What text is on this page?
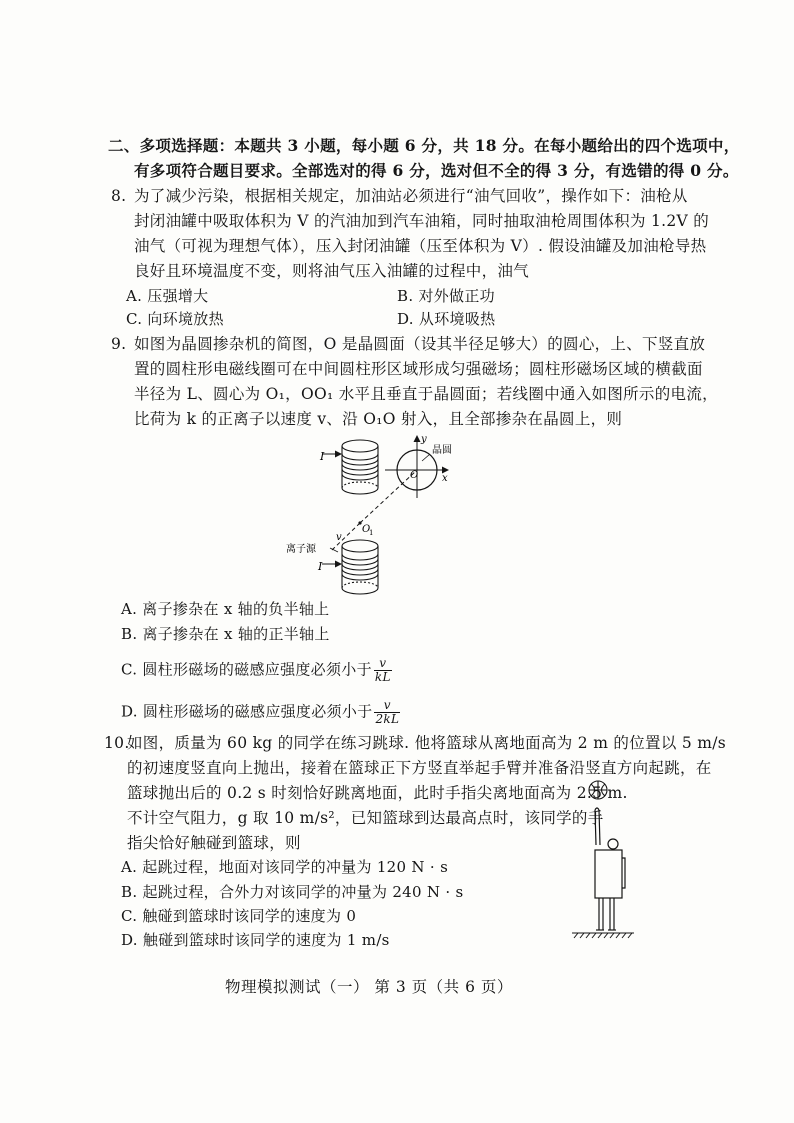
二、多项选择题：本题共 3 小题，每小题 6 分，共 18 分。在每小题给出的四个选项中，
有多项符合题目要求。全部选对的得 6 分，选对但不全的得 3 分，有选错的得 0 分。
8. 为了减少污染，根据相关规定，加油站必须进行“油气回收”，操作如下：油枪从
封闭油罐中吸取体积为 V 的汽油加到汽车油箱，同时抽取油枪周围体积为 1.2V 的
油气（可视为理想气体），压入封闭油罐（压至体积为 V）. 假设油罐及加油枪导热
良好且环境温度不变，则将油气压入油罐的过程中，油气
A. 压强增大	B. 对外做正功
C. 向环境放热	D. 从环境吸热
9. 如图为晶圆掺杂机的简图，O 是晶圆面（设其半径足够大）的圆心，上、下竖直放
置的圆柱形电磁线圈可在中间圆柱形区域形成匀强磁场；圆柱形磁场区域的横截面
半径为 L、圆心为 O₁，OO₁ 水平且垂直于晶圆面；若线圈中通入如图所示的电流，
比荷为 k 的正离子以速度 v、沿 O₁O 射入，且全部掺杂在晶圆上，则
I
y
x
O
晶圆
O
1
v
离子源
I
A. 离子掺杂在 x 轴的负半轴上
B. 离子掺杂在 x 轴的正半轴上
C. 圆柱形磁场的磁感应强度必须小于 $\frac{v}{kL}$
D. 圆柱形磁场的磁感应强度必须小于 $\frac{v}{2kL}$
10.
如图，质量为 60 kg 的同学在练习跳球. 他将篮球从离地面高为 2 m 的位置以 5 m/s
的初速度竖直向上抛出，接着在篮球正下方竖直举起手臂并准备沿竖直方向起跳，在
篮球抛出后的 0.2 s 时刻恰好跳离地面，此时手指尖离地面高为 2.5 m.
不计空气阻力，g 取 10 m/s²，已知篮球到达最高点时，该同学的手
指尖恰好触碰到篮球，则
A. 起跳过程，地面对该同学的冲量为 120 N · s
B. 起跳过程，合外力对该同学的冲量为 240 N · s
C. 触碰到篮球时该同学的速度为 0
D. 触碰到篮球时该同学的速度为 1 m/s
物理模拟测试（一） 第 3 页（共 6 页）
